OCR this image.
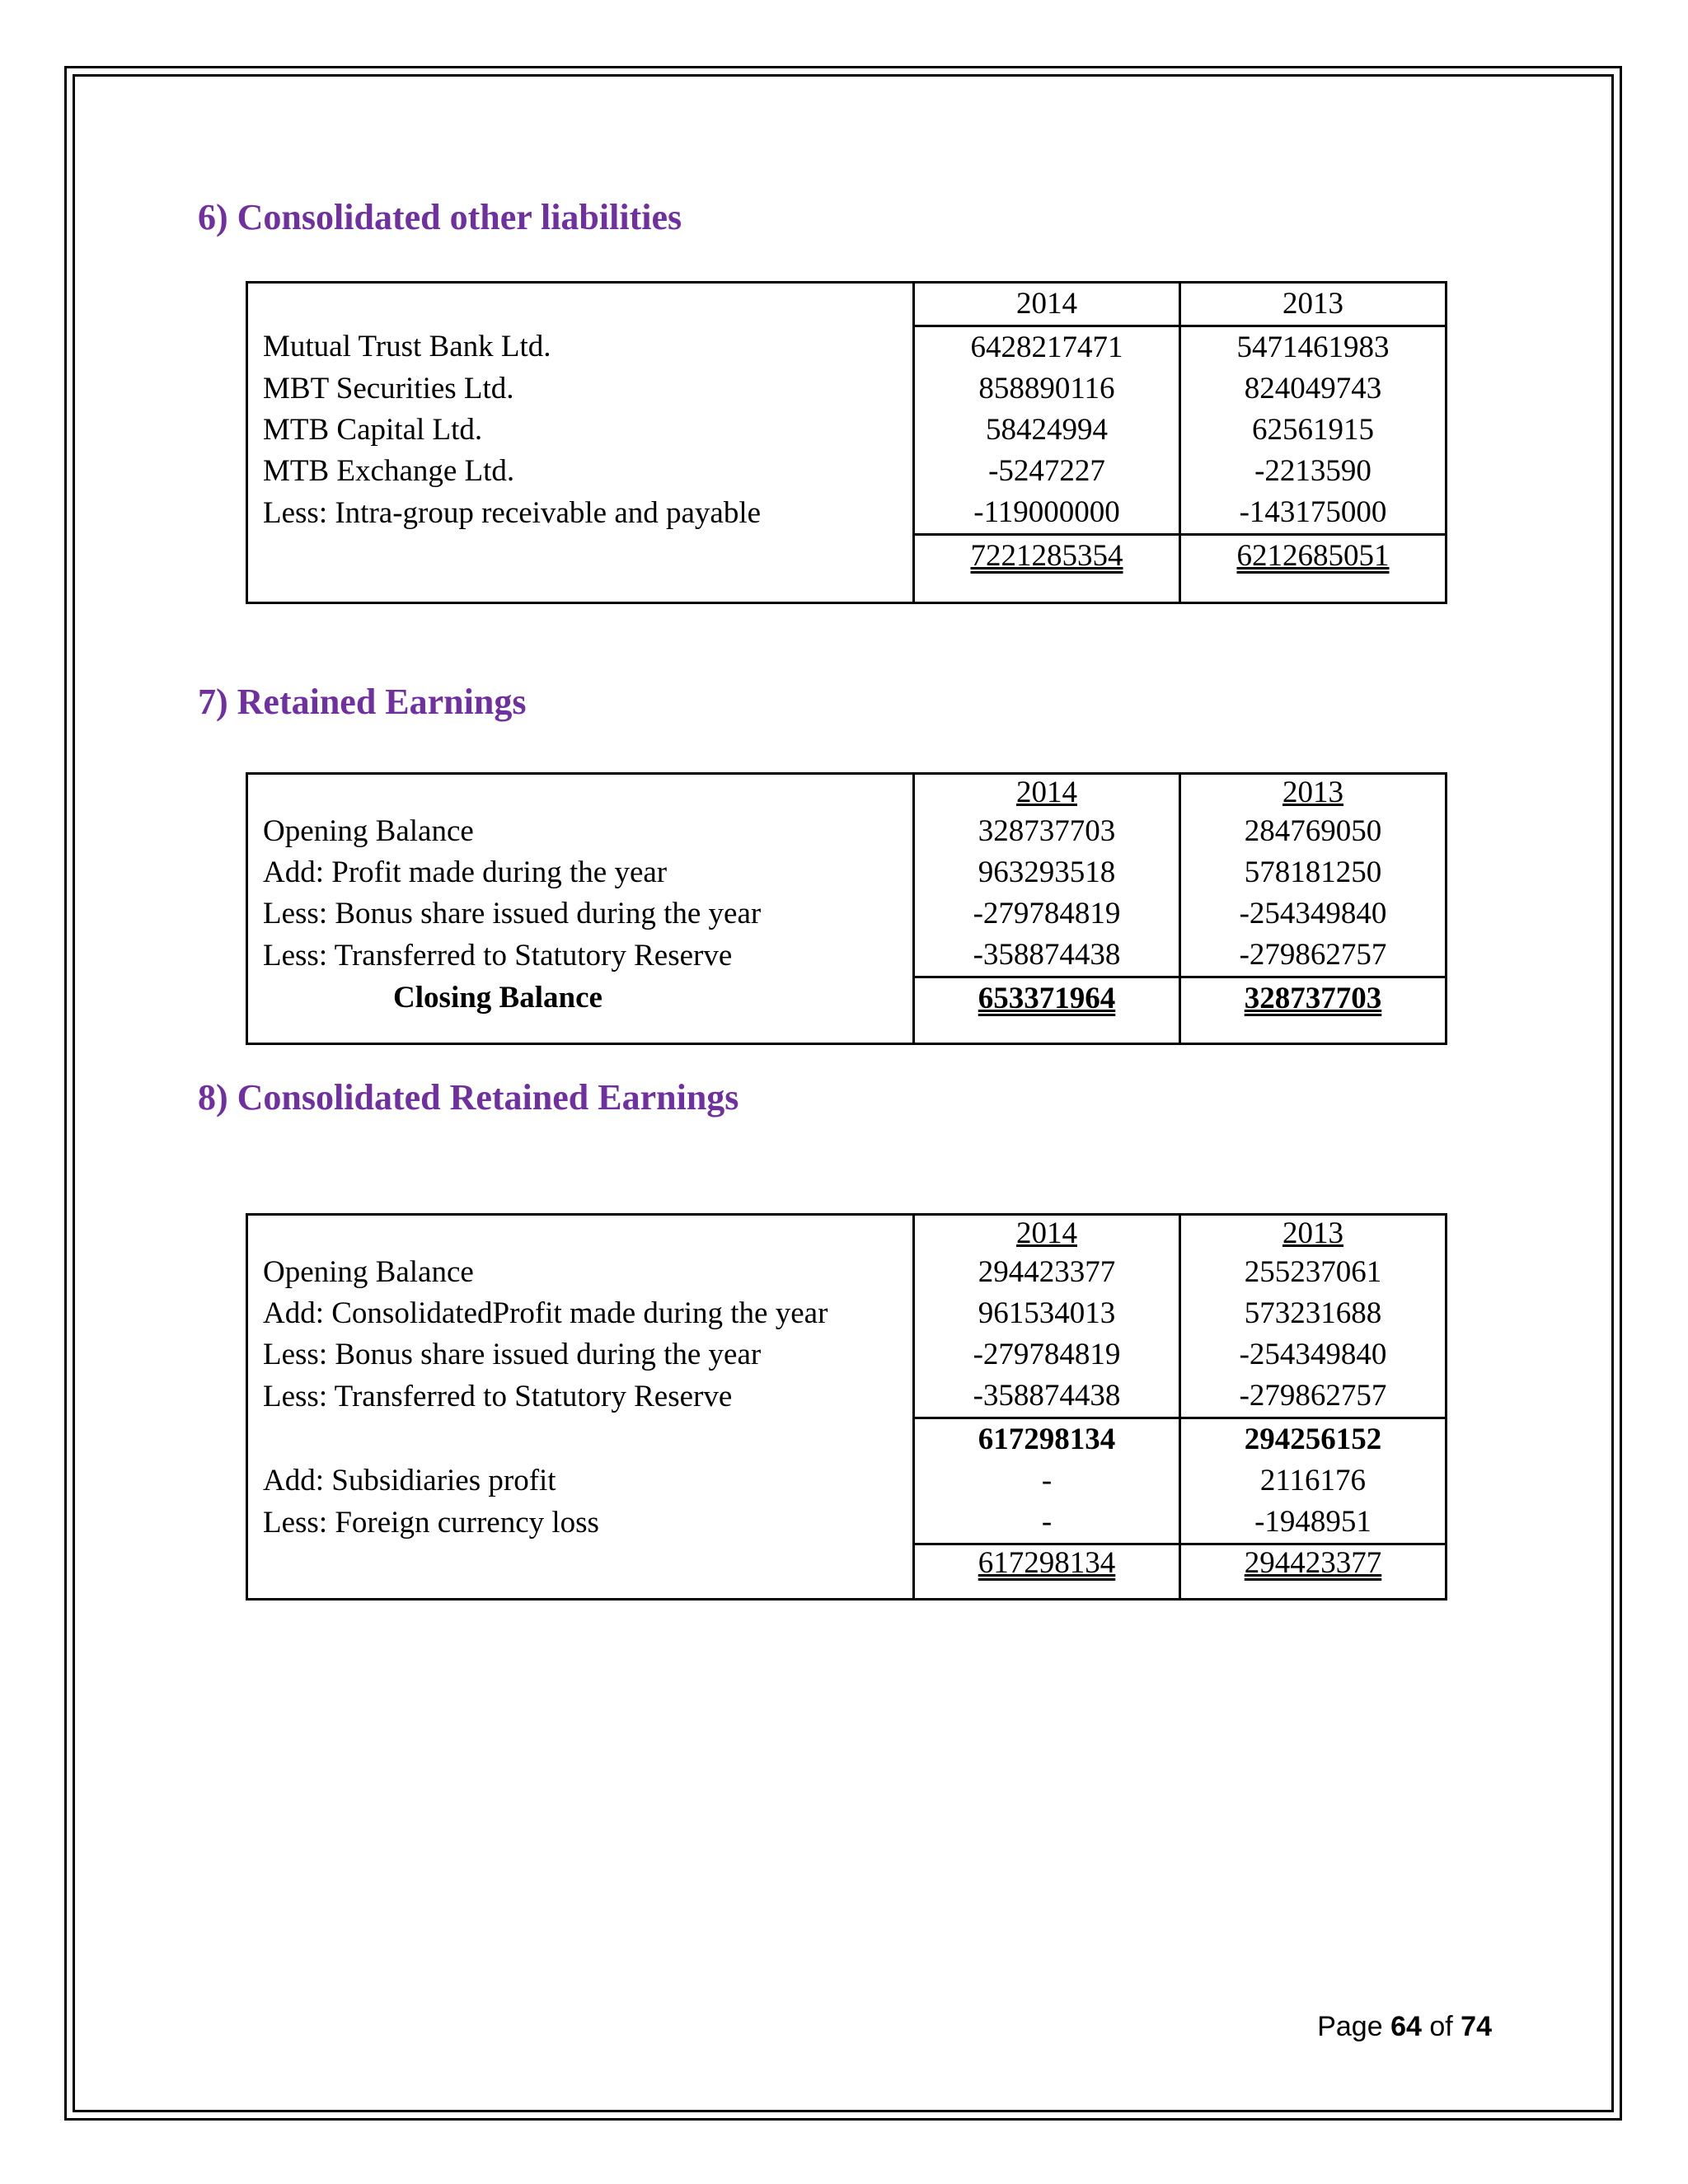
6) Consolidated other liabilities
	2014	2013
Mutual Trust Bank Ltd.	6428217471	5471461983
MBT Securities Ltd.	858890116	824049743
MTB Capital Ltd.	58424994	62561915
MTB Exchange Ltd.	-5247227	-2213590
Less: Intra-group receivable and payable	-119000000	-143175000
	7221285354	6212685051

7) Retained Earnings
	2014	2013
Opening Balance	328737703	284769050
Add: Profit made during the year	963293518	578181250
Less: Bonus share issued during the year	-279784819	-254349840
Less: Transferred to Statutory Reserve	-358874438	-279862757
Closing Balance	653371964	328737703

8) Consolidated Retained Earnings
	2014	2013
Opening Balance	294423377	255237061
Add: ConsolidatedProfit made during the year	961534013	573231688
Less: Bonus share issued during the year	-279784819	-254349840
Less: Transferred to Statutory Reserve	-358874438	-279862757
	617298134	294256152
Add: Subsidiaries profit	-	2116176
Less: Foreign currency loss	-	-1948951
	617298134	294423377
Page 64 of 74
